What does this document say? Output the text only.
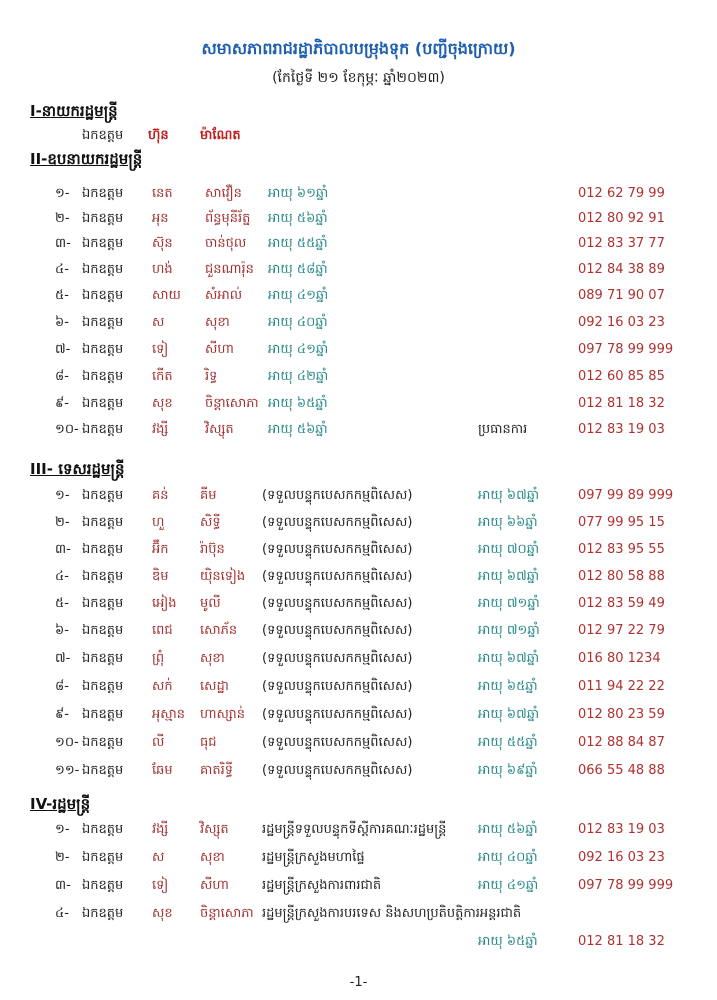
សមាសភាពរាជរដ្ឋាភិបាលបម្រុងទុក (បញ្ជីចុងក្រោយ)
(កែថ្ងៃទី ២១ ខែកុម្ភៈ ឆ្នាំ២០២៣)
I-នាយករដ្ឋមន្ត្រី
ឯកឧត្តម ហ៊ុន ម៉ាណែត
II-ឧបនាយករដ្ឋមន្ត្រី
១- ឯកឧត្តម នេត សាវឿន អាយុ ៦១ឆ្នាំ	012 62 79 99
២- ឯកឧត្តម អុន	ព័ន្ធមុនីរ័ត្ន អាយុ ៥៦ឆ្នាំ	012 80 92 91
៣- ឯកឧត្តម ស៊ុន ចាន់ថុល អាយុ ៥៥ឆ្នាំ	012 83 37 77
៤- ឯកឧត្តម ហង់ ជួនណារ៉ុន អាយុ ៥៨ឆ្នាំ	012 84 38 89
៥- ឯកឧត្តម សាយ សំអាល់ អាយុ ៤១ឆ្នាំ	089 71 90 07
៦- ឯកឧត្តម ស	សុខា	អាយុ ៤០ឆ្នាំ	092 16 03 23
៧- ឯកឧត្តម ទៀ	សីហា	អាយុ ៤១ឆ្នាំ	097 78 99 999
៨- ឯកឧត្តម កើត រិទ្ធ	អាយុ ៤២ឆ្នាំ	012 60 85 85
៩- ឯកឧត្តម សុខ ចិន្តាសោភា អាយុ ៦៥ឆ្នាំ	012 81 18 32
១០- ឯកឧត្តម វង្សី	វិស្សុត	អាយុ ៥៦ឆ្នាំ	ប្រធានការ	012 83 19 03
III- ទេសរដ្ឋមន្ត្រី
១- ឯកឧត្តម គន់ គីម	(ទទួលបន្ទុកបេសកកម្មពិសេស)	អាយុ ៦៧ឆ្នាំ	097 99 89 999
២- ឯកឧត្តម ហួ	សិទ្ធី	(ទទួលបន្ទុកបេសកកម្មពិសេស)	អាយុ ៦៦ឆ្នាំ	077 99 95 15
៣- ឯកឧត្តម អ៊ឹក រ៉ាប៊ុន	(ទទួលបន្ទុកបេសកកម្មពិសេស)	អាយុ ៧០ឆ្នាំ	012 83 95 55
៤- ឯកឧត្តម ឌិម យ៉ិនទៀង (ទទួលបន្ទុកបេសកកម្មពិសេស)	អាយុ ៦៧ឆ្នាំ	012 80 58 88
៥- ឯកឧត្តម អៀង មូលី	(ទទួលបន្ទុកបេសកកម្មពិសេស)	អាយុ ៧១ឆ្នាំ	012 83 59 49
៦- ឯកឧត្តម ពេជ សោភ័ន (ទទួលបន្ទុកបេសកកម្មពិសេស)	អាយុ ៧១ឆ្នាំ	012 97 22 79
៧- ឯកឧត្តម ព្រុំ	សុខា	(ទទួលបន្ទុកបេសកកម្មពិសេស)	អាយុ ៦៧ឆ្នាំ	016 80 1234
៨- ឯកឧត្តម សក់ សេដ្ឋា	(ទទួលបន្ទុកបេសកកម្មពិសេស)	អាយុ ៦៥ឆ្នាំ	011 94 22 22
៩- ឯកឧត្តម អុស្មាន ហាស្សាន់ (ទទួលបន្ទុកបេសកកម្មពិសេស)	អាយុ ៦៧ឆ្នាំ	012 80 23 59
១០- ឯកឧត្តម លី	ធុជ	(ទទួលបន្ទុកបេសកកម្មពិសេស)	អាយុ ៥៥ឆ្នាំ	012 88 84 87
១១- ឯកឧត្តម ឆែម គាតរិទ្ធី (ទទួលបន្ទុកបេសកកម្មពិសេស)	អាយុ ៦៩ឆ្នាំ	066 55 48 88
IV-រដ្ឋមន្ត្រី
១- ឯកឧត្តម វង្សី វិស្សុត	រដ្ឋមន្ត្រីទទួលបន្ទុកទីស្តីការគណៈរដ្ឋមន្ត្រី អាយុ ៥៦ឆ្នាំ	012 83 19 03
២- ឯកឧត្តម ស	សុខា	រដ្ឋមន្ត្រីក្រសួងមហាផ្ទៃ	អាយុ ៤០ឆ្នាំ	092 16 03 23
៣- ឯកឧត្តម ទៀ សីហា	រដ្ឋមន្ត្រីក្រសួងការពារជាតិ	អាយុ ៤១ឆ្នាំ	097 78 99 999
៤- ឯកឧត្តម សុខ ចិន្តាសោភា រដ្ឋមន្ត្រីក្រសួងការបរទេស និងសហប្រតិបត្តិការអន្តរជាតិ
អាយុ ៦៥ឆ្នាំ	012 81 18 32
-1-
